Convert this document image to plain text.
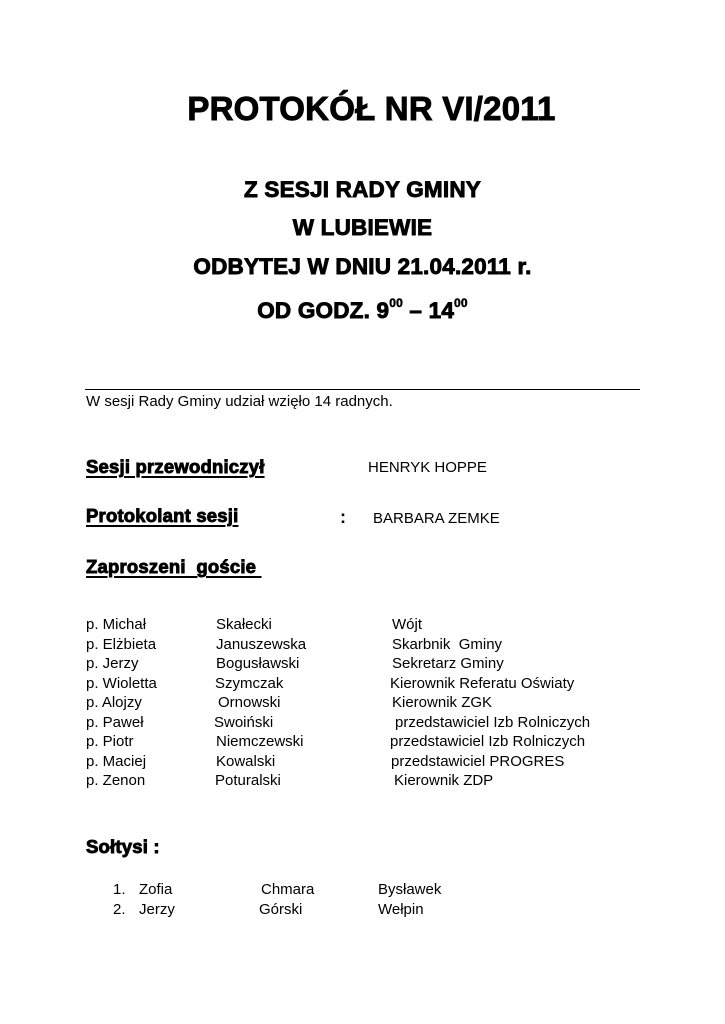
PROTOKÓŁ NR VI/2011
Z SESJI RADY GMINY
W LUBIEWIE
ODBYTEJ W DNIU 21.04.2011 r.
OD GODZ. $9^{00} - 14^{00}$
W sesji Rady Gminy udział wzięło 14 radnych.
Sesji przewodniczył	HENRYK HOPPE
Protokolant sesji	: BARBARA ZEMKE
Zaproszeni  goście
p. Michał	Skałecki	Wójt
p. Elżbieta	Januszewska	Skarbnik  Gminy
p. Jerzy	Bogusławski	Sekretarz Gminy
p. Wioletta	Szymczak	Kierownik Referatu Oświaty
p. Alojzy	Ornowski	Kierownik ZGK
p. Paweł	Swoiński	przedstawiciel Izb Rolniczych
p. Piotr	Niemczewski	przedstawiciel Izb Rolniczych
p. Maciej	Kowalski	przedstawiciel PROGRES
p. Zenon	Poturalski	Kierownik ZDP
Sołtysi :
1. Zofia	Chmara	Bysławek
2. Jerzy	Górski	Wełpin
